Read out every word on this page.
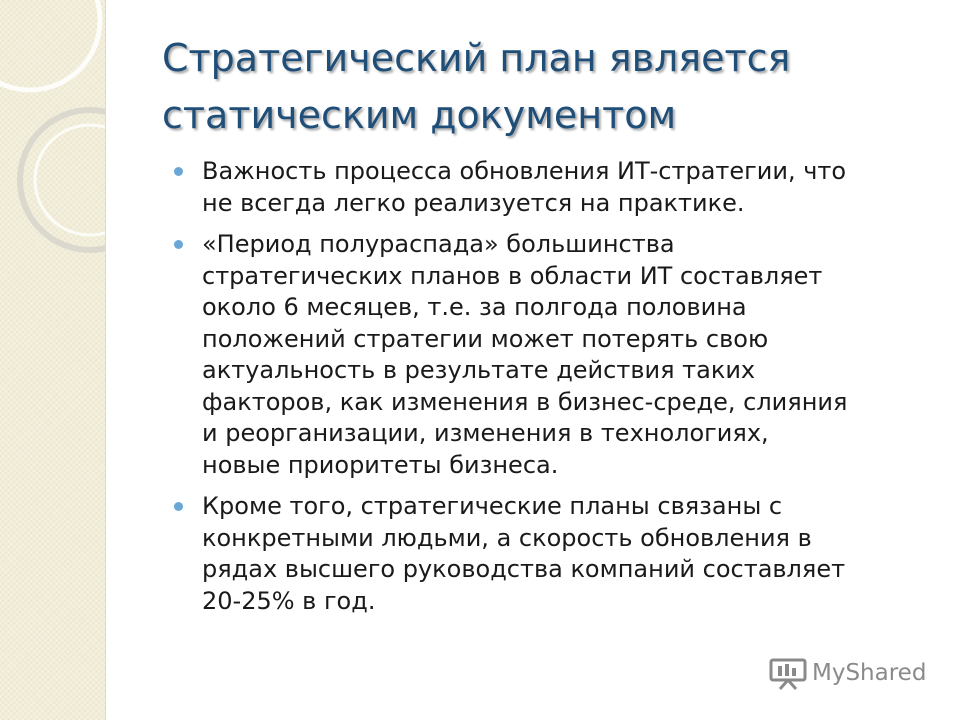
Стратегический план является
статическим документом
Важность процесса обновления ИТ-стратегии, что
не всегда легко реализуется на практике.
«Период полураспада» большинства
стратегических планов в области ИТ составляет
около 6 месяцев, т.е. за полгода половина
положений стратегии может потерять свою
актуальность в результате действия таких
факторов, как изменения в бизнес-среде, слияния
и реорганизации, изменения в технологиях,
новые приоритеты бизнеса.
Кроме того, стратегические планы связаны с
конкретными людьми, а скорость обновления в
рядах высшего руководства компаний составляет
20-25% в год.
MyShared
